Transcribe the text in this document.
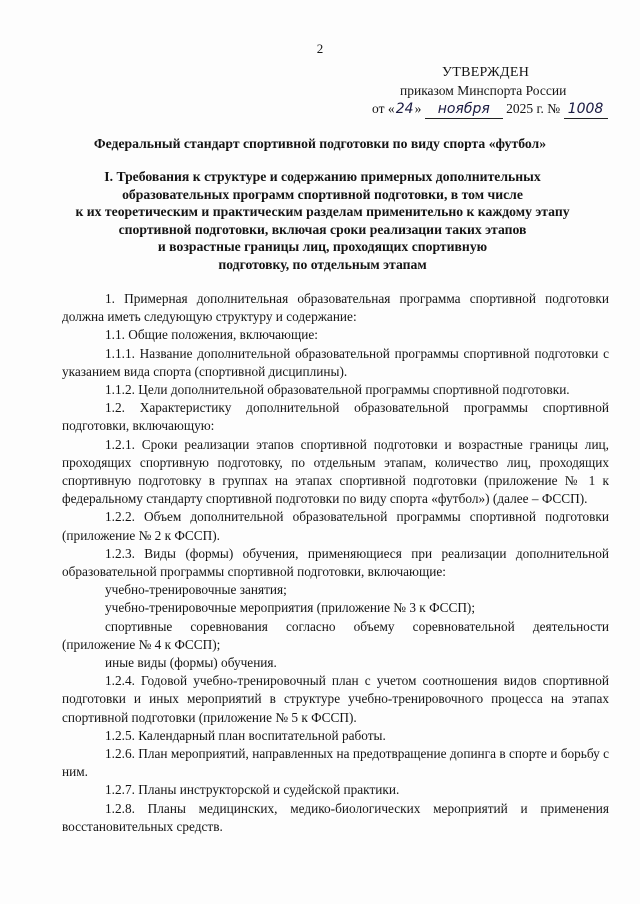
2
УТВЕРЖДЕН
приказом Минспорта России
от «24» ноября 2025 г. № 1008
Федеральный стандарт спортивной подготовки по виду спорта «футбол»
I. Требования к структуре и содержанию примерных дополнительных
образовательных программ спортивной подготовки, в том числе
к их теоретическим и практическим разделам применительно к каждому этапу
спортивной подготовки, включая сроки реализации таких этапов
и возрастные границы лиц, проходящих спортивную
подготовку, по отдельным этапам

1. Примерная дополнительная образовательная программа спортивной подготовки должна иметь следующую структуру и содержание:

1.1. Общие положения, включающие:

1.1.1. Название дополнительной образовательной программы спортивной подготовки с указанием вида спорта (спортивной дисциплины).

1.1.2. Цели дополнительной образовательной программы спортивной подготовки.

1.2. Характеристику дополнительной образовательной программы спортивной подготовки, включающую:

1.2.1. Сроки реализации этапов спортивной подготовки и возрастные границы лиц, проходящих спортивную подготовку, по отдельным этапам, количество лиц, проходящих спортивную подготовку в группах на этапах спортивной подготовки (приложение № 1 к федеральному стандарту спортивной подготовки по виду спорта «футбол») (далее – ФССП).

1.2.2. Объем дополнительной образовательной программы спортивной подготовки (приложение № 2 к ФССП).

1.2.3. Виды (формы) обучения, применяющиеся при реализации дополнительной образовательной программы спортивной подготовки, включающие:

учебно-тренировочные занятия;

учебно-тренировочные мероприятия (приложение № 3 к ФССП);

спортивные соревнования согласно объему соревновательной деятельности (приложение № 4 к ФССП);

иные виды (формы) обучения.

1.2.4. Годовой учебно-тренировочный план с учетом соотношения видов спортивной подготовки и иных мероприятий в структуре учебно-тренировочного процесса на этапах спортивной подготовки (приложение № 5 к ФССП).

1.2.5. Календарный план воспитательной работы.

1.2.6. План мероприятий, направленных на предотвращение допинга в спорте и борьбу с ним.

1.2.7. Планы инструкторской и судейской практики.

1.2.8. Планы медицинских, медико-биологических мероприятий и применения восстановительных средств.
